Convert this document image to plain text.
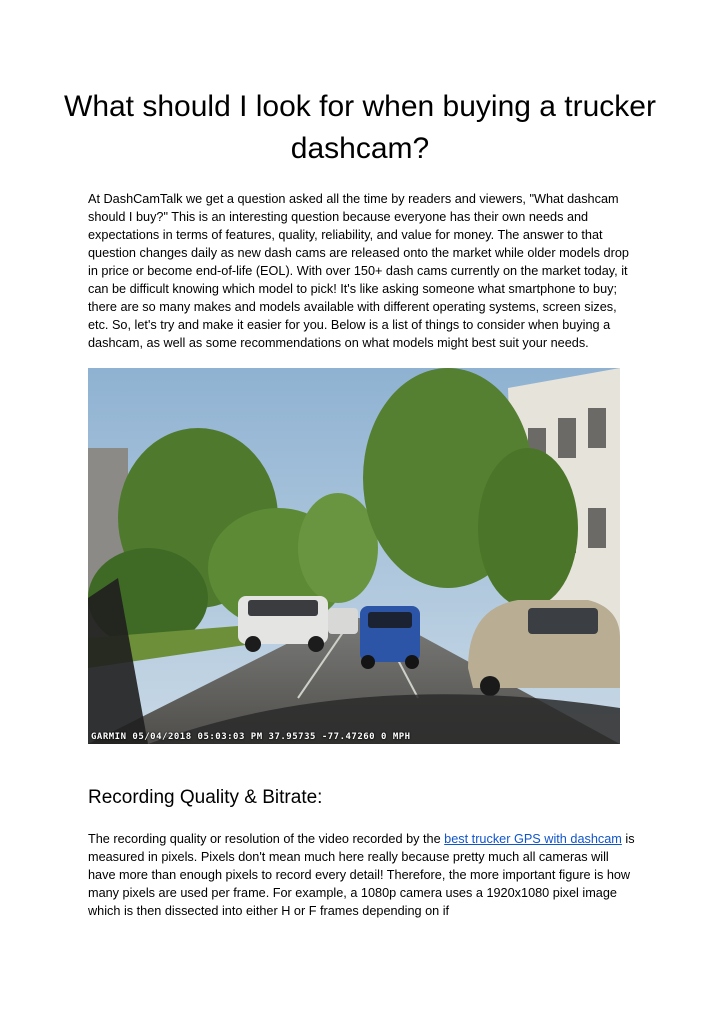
What should I look for when buying a trucker dashcam?

At DashCamTalk we get a question asked all the time by readers and viewers, "What dashcam should I buy?" This is an interesting question because everyone has their own needs and expectations in terms of features, quality, reliability, and value for money. The answer to that question changes daily as new dash cams are released onto the market while older models drop in price or become end-of-life (EOL). With over 150+ dash cams currently on the market today, it can be difficult knowing which model to pick! It's like asking someone what smartphone to buy; there are so many makes and models available with different operating systems, screen sizes, etc. So, let's try and make it easier for you. Below is a list of things to consider when buying a dashcam, as well as some recommendations on what models might best suit your needs.

GARMIN 05/04/2018 05:03:03 PM 37.95735 -77.47260 0 MPH
Recording Quality & Bitrate:

The recording quality or resolution of the video recorded by the best trucker GPS with dashcam is measured in pixels. Pixels don't mean much here really because pretty much all cameras will have more than enough pixels to record every detail! Therefore, the more important figure is how many pixels are used per frame. For example, a 1080p camera uses a 1920x1080 pixel image which is then dissected into either H or F frames depending on if
